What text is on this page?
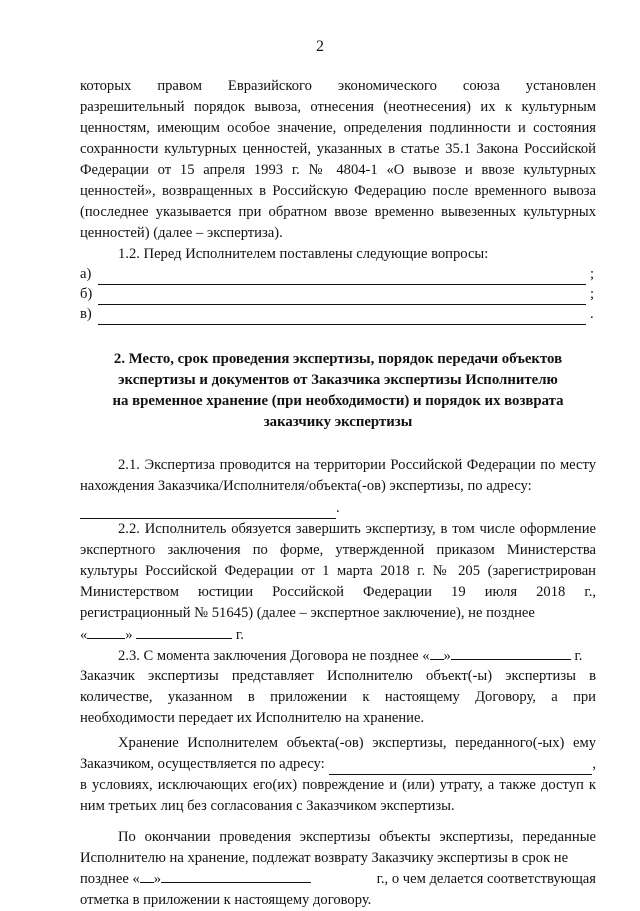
2

которых правом Евразийского экономического союза установлен

разрешительный порядок вывоза, отнесения (неотнесения) их к культурным ценностям, имеющим особое значение, определения подлинности и состояния сохранности культурных ценностей, указанных в статье 35.1 Закона Российской Федерации от 15 апреля 1993 г. № 4804-1 «О вывозе и ввозе культурных ценностей», возвращенных в Российскую Федерацию после временного вывоза (последнее указывается при обратном ввозе временно вывезенных культурных ценностей) (далее – экспертиза).

1.2. Перед Исполнителем поставлены следующие вопросы:

а)	;
б)	;
в)	.
2. Место, срок проведения экспертизы, порядок передачи объектов экспертизы и документов от Заказчика экспертизы Исполнителю на временное хранение (при необходимости) и порядок их возврата заказчику экспертизы

2.1. Экспертиза проводится на территории Российской Федерации по месту нахождения Заказчика/Исполнителя/объекта(-ов) экспертизы, по адресу:

.

2.2. Исполнитель обязуется завершить экспертизу, в том числе оформление экспертного заключения по форме, утвержденной приказом Министерства культуры Российской Федерации от 1 марта 2018 г. № 205 (зарегистрирован Министерством юстиции Российской Федерации 19 июля 2018 г., регистрационный № 51645) (далее – экспертное заключение), не позднее

«	»	г.
2.3. С момента заключения Договора не позднее « »	г.

Заказчик экспертизы представляет Исполнителю объект(-ы) экспертизы в количестве, указанном в приложении к настоящему Договору, а при необходимости передает их Исполнителю на хранение.

Хранение Исполнителем объекта(-ов) экспертизы, переданного(-ых) ему

Заказчиком, осуществляется по адресу:	,

в условиях, исключающих его(их) повреждение и (или) утрату, а также доступ к ним третьих лиц без согласования с Заказчиком экспертизы.

По окончании проведения экспертизы объекты экспертизы, переданные Исполнителю на хранение, подлежат возврату Заказчику экспертизы в срок не

позднее « »	г., о чем делается соответствующая

отметка в приложении к настоящему договору.
